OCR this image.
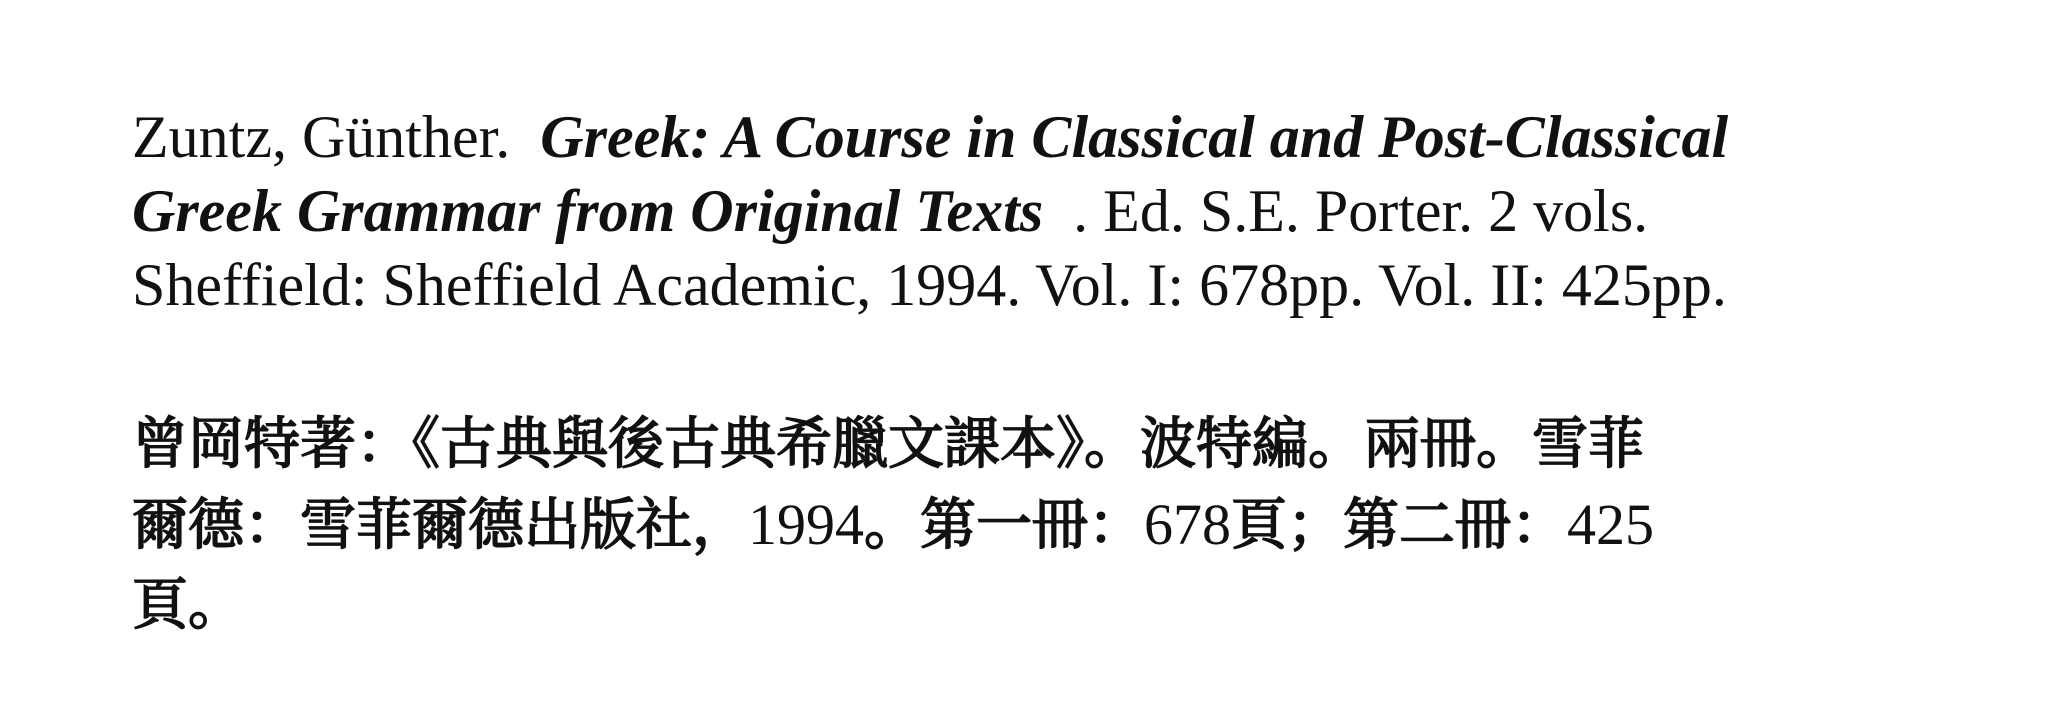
Zuntz, Günther. Greek: A Course in Classical and Post-Classical
Greek Grammar from Original Texts . Ed. S.E. Porter. 2 vols.
Sheffield: Sheffield Academic, 1994. Vol. I: 678pp. Vol. II: 425pp.
曾岡特著：《古典與後古典希臘文課本》。波特編。兩冊。雪菲
爾德：雪菲爾德出版社，1994。第一冊：678頁；第二冊：425
頁。
